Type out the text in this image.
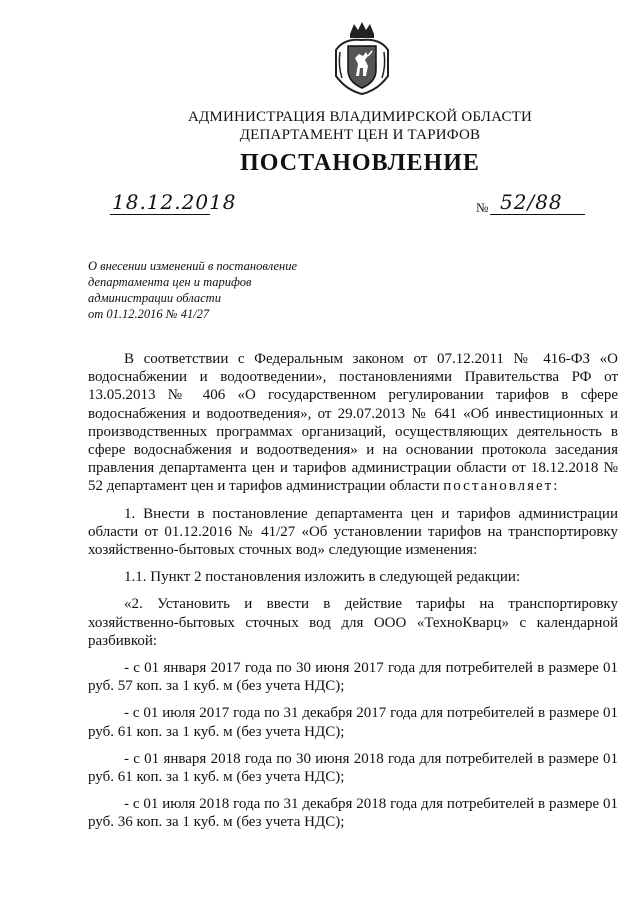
АДМИНИСТРАЦИЯ ВЛАДИМИРСКОЙ ОБЛАСТИ
ДЕПАРТАМЕНТ ЦЕН И ТАРИФОВ
ПОСТАНОВЛЕНИЕ
18.12.2018	№ 52/88
О внесении изменений в постановление
департамента цен и тарифов
администрации области
от 01.12.2016 № 41/27

В соответствии с Федеральным законом от 07.12.2011 № 416-ФЗ «О водоснабжении и водоотведении», постановлениями Правительства РФ от 13.05.2013 № 406 «О государственном регулировании тарифов в сфере водоснабжения и водоотведения», от 29.07.2013 № 641 «Об инвестиционных и производственных программах организаций, осуществляющих деятельность в сфере водоснабжения и водоотведения» и на основании протокола заседания правления департамента цен и тарифов администрации области от 18.12.2018 № 52 департамент цен и тарифов администрации области постановляет:

1. Внести в постановление департамента цен и тарифов администрации области от 01.12.2016 № 41/27 «Об установлении тарифов на транспортировку хозяйственно-бытовых сточных вод» следующие изменения:

1.1. Пункт 2 постановления изложить в следующей редакции:

«2. Установить и ввести в действие тарифы на транспортировку хозяйственно-бытовых сточных вод для ООО «ТехноКварц» с календарной разбивкой:

- с 01 января 2017 года по 30 июня 2017 года для потребителей в размере 01 руб. 57 коп. за 1 куб. м (без учета НДС);

- с 01 июля 2017 года по 31 декабря 2017 года для потребителей в размере 01 руб. 61 коп. за 1 куб. м (без учета НДС);

- с 01 января 2018 года по 30 июня 2018 года для потребителей в размере 01 руб. 61 коп. за 1 куб. м (без учета НДС);

- с 01 июля 2018 года по 31 декабря 2018 года для потребителей в размере 01 руб. 36 коп. за 1 куб. м (без учета НДС);
